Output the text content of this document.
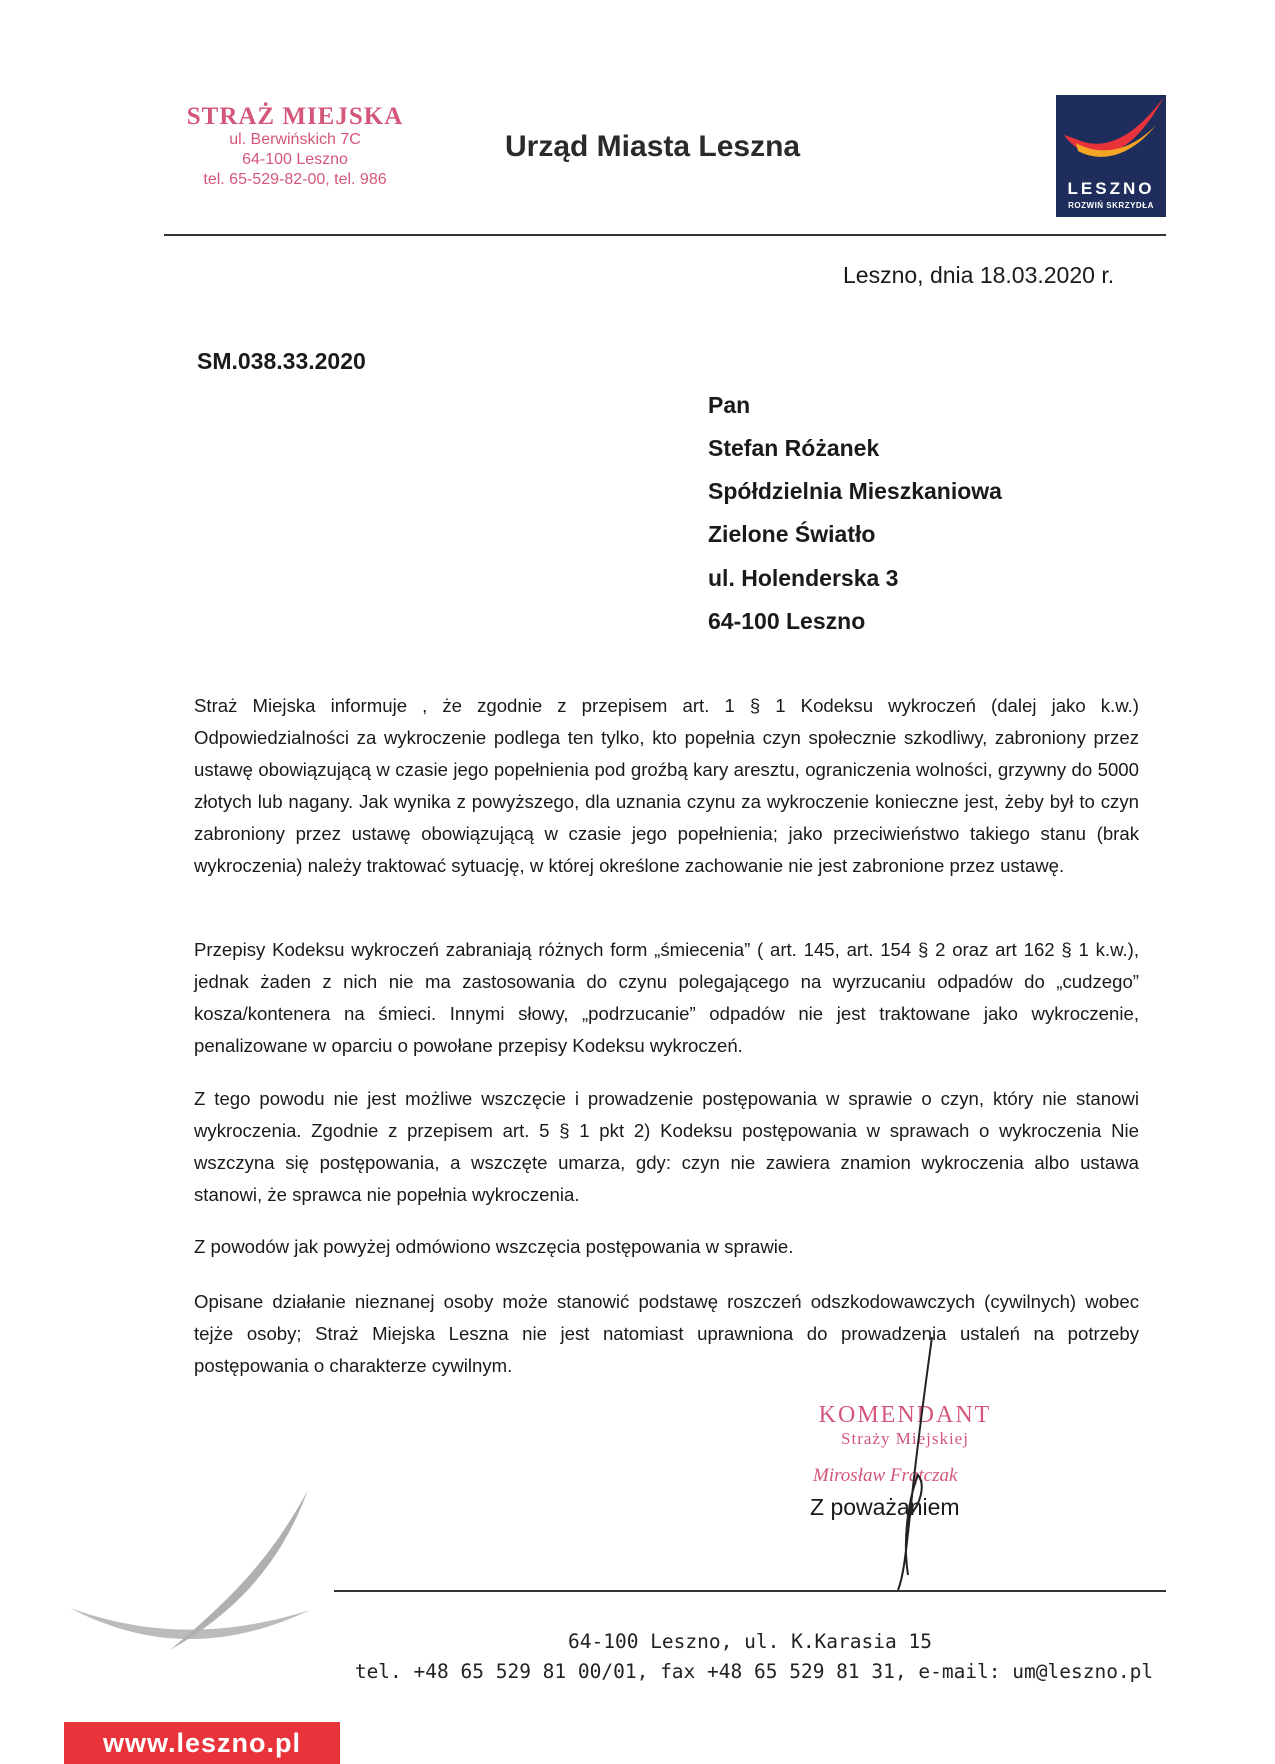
STRAŻ MIEJSKA
ul. Berwińskich 7C
64-100 Leszno
tel. 65-529-82-00, tel. 986
Urząd Miasta Leszna
LESZNO
ROZWIŃ SKRZYDŁA
Leszno, dnia 18.03.2020 r.
SM.038.33.2020
Pan
Stefan Różanek
Spółdzielnia Mieszkaniowa
Zielone Światło
ul. Holenderska 3
64-100 Leszno

Straż Miejska informuje , że zgodnie z przepisem art. 1 § 1 Kodeksu wykroczeń (dalej jako k.w.) Odpowiedzialności za wykroczenie podlega ten tylko, kto popełnia czyn społecznie szkodliwy, zabroniony przez ustawę obowiązującą w czasie jego popełnienia pod groźbą kary aresztu, ograniczenia wolności, grzywny do 5000 złotych lub nagany. Jak wynika z powyższego, dla uznania czynu za wykroczenie konieczne jest, żeby był to czyn zabroniony przez ustawę obowiązującą w czasie jego popełnienia; jako przeciwieństwo takiego stanu (brak wykroczenia) należy traktować sytuację, w której określone zachowanie nie jest zabronione przez ustawę.

Przepisy Kodeksu wykroczeń zabraniają różnych form „śmiecenia” ( art. 145, art. 154 § 2 oraz art 162 § 1 k.w.), jednak żaden z nich nie ma zastosowania do czynu polegającego na wyrzucaniu odpadów do „cudzego” kosza/kontenera na śmieci. Innymi słowy, „podrzucanie” odpadów nie jest traktowane jako wykroczenie, penalizowane w oparciu o powołane przepisy Kodeksu wykroczeń.

Z tego powodu nie jest możliwe wszczęcie i prowadzenie postępowania w sprawie o czyn, który nie stanowi wykroczenia. Zgodnie z przepisem art. 5 § 1 pkt 2) Kodeksu postępowania w sprawach o wykroczenia Nie wszczyna się postępowania, a wszczęte umarza, gdy: czyn nie zawiera znamion wykroczenia albo ustawa stanowi, że sprawca nie popełnia wykroczenia.

Z powodów jak powyżej odmówiono wszczęcia postępowania w sprawie.

Opisane działanie nieznanej osoby może stanowić podstawę roszczeń odszkodowawczych (cywilnych) wobec tejże osoby; Straż Miejska Leszna nie jest natomiast uprawniona do prowadzenia ustaleń na potrzeby postępowania o charakterze cywilnym.

KOMENDANT
Straży Miejskiej
Mirosław Frątczak
Z poważaniem
64-100 Leszno, ul. K.Karasia 15
tel. +48 65 529 81 00/01, fax +48 65 529 81 31, e-mail: um@leszno.pl
www.leszno.pl
